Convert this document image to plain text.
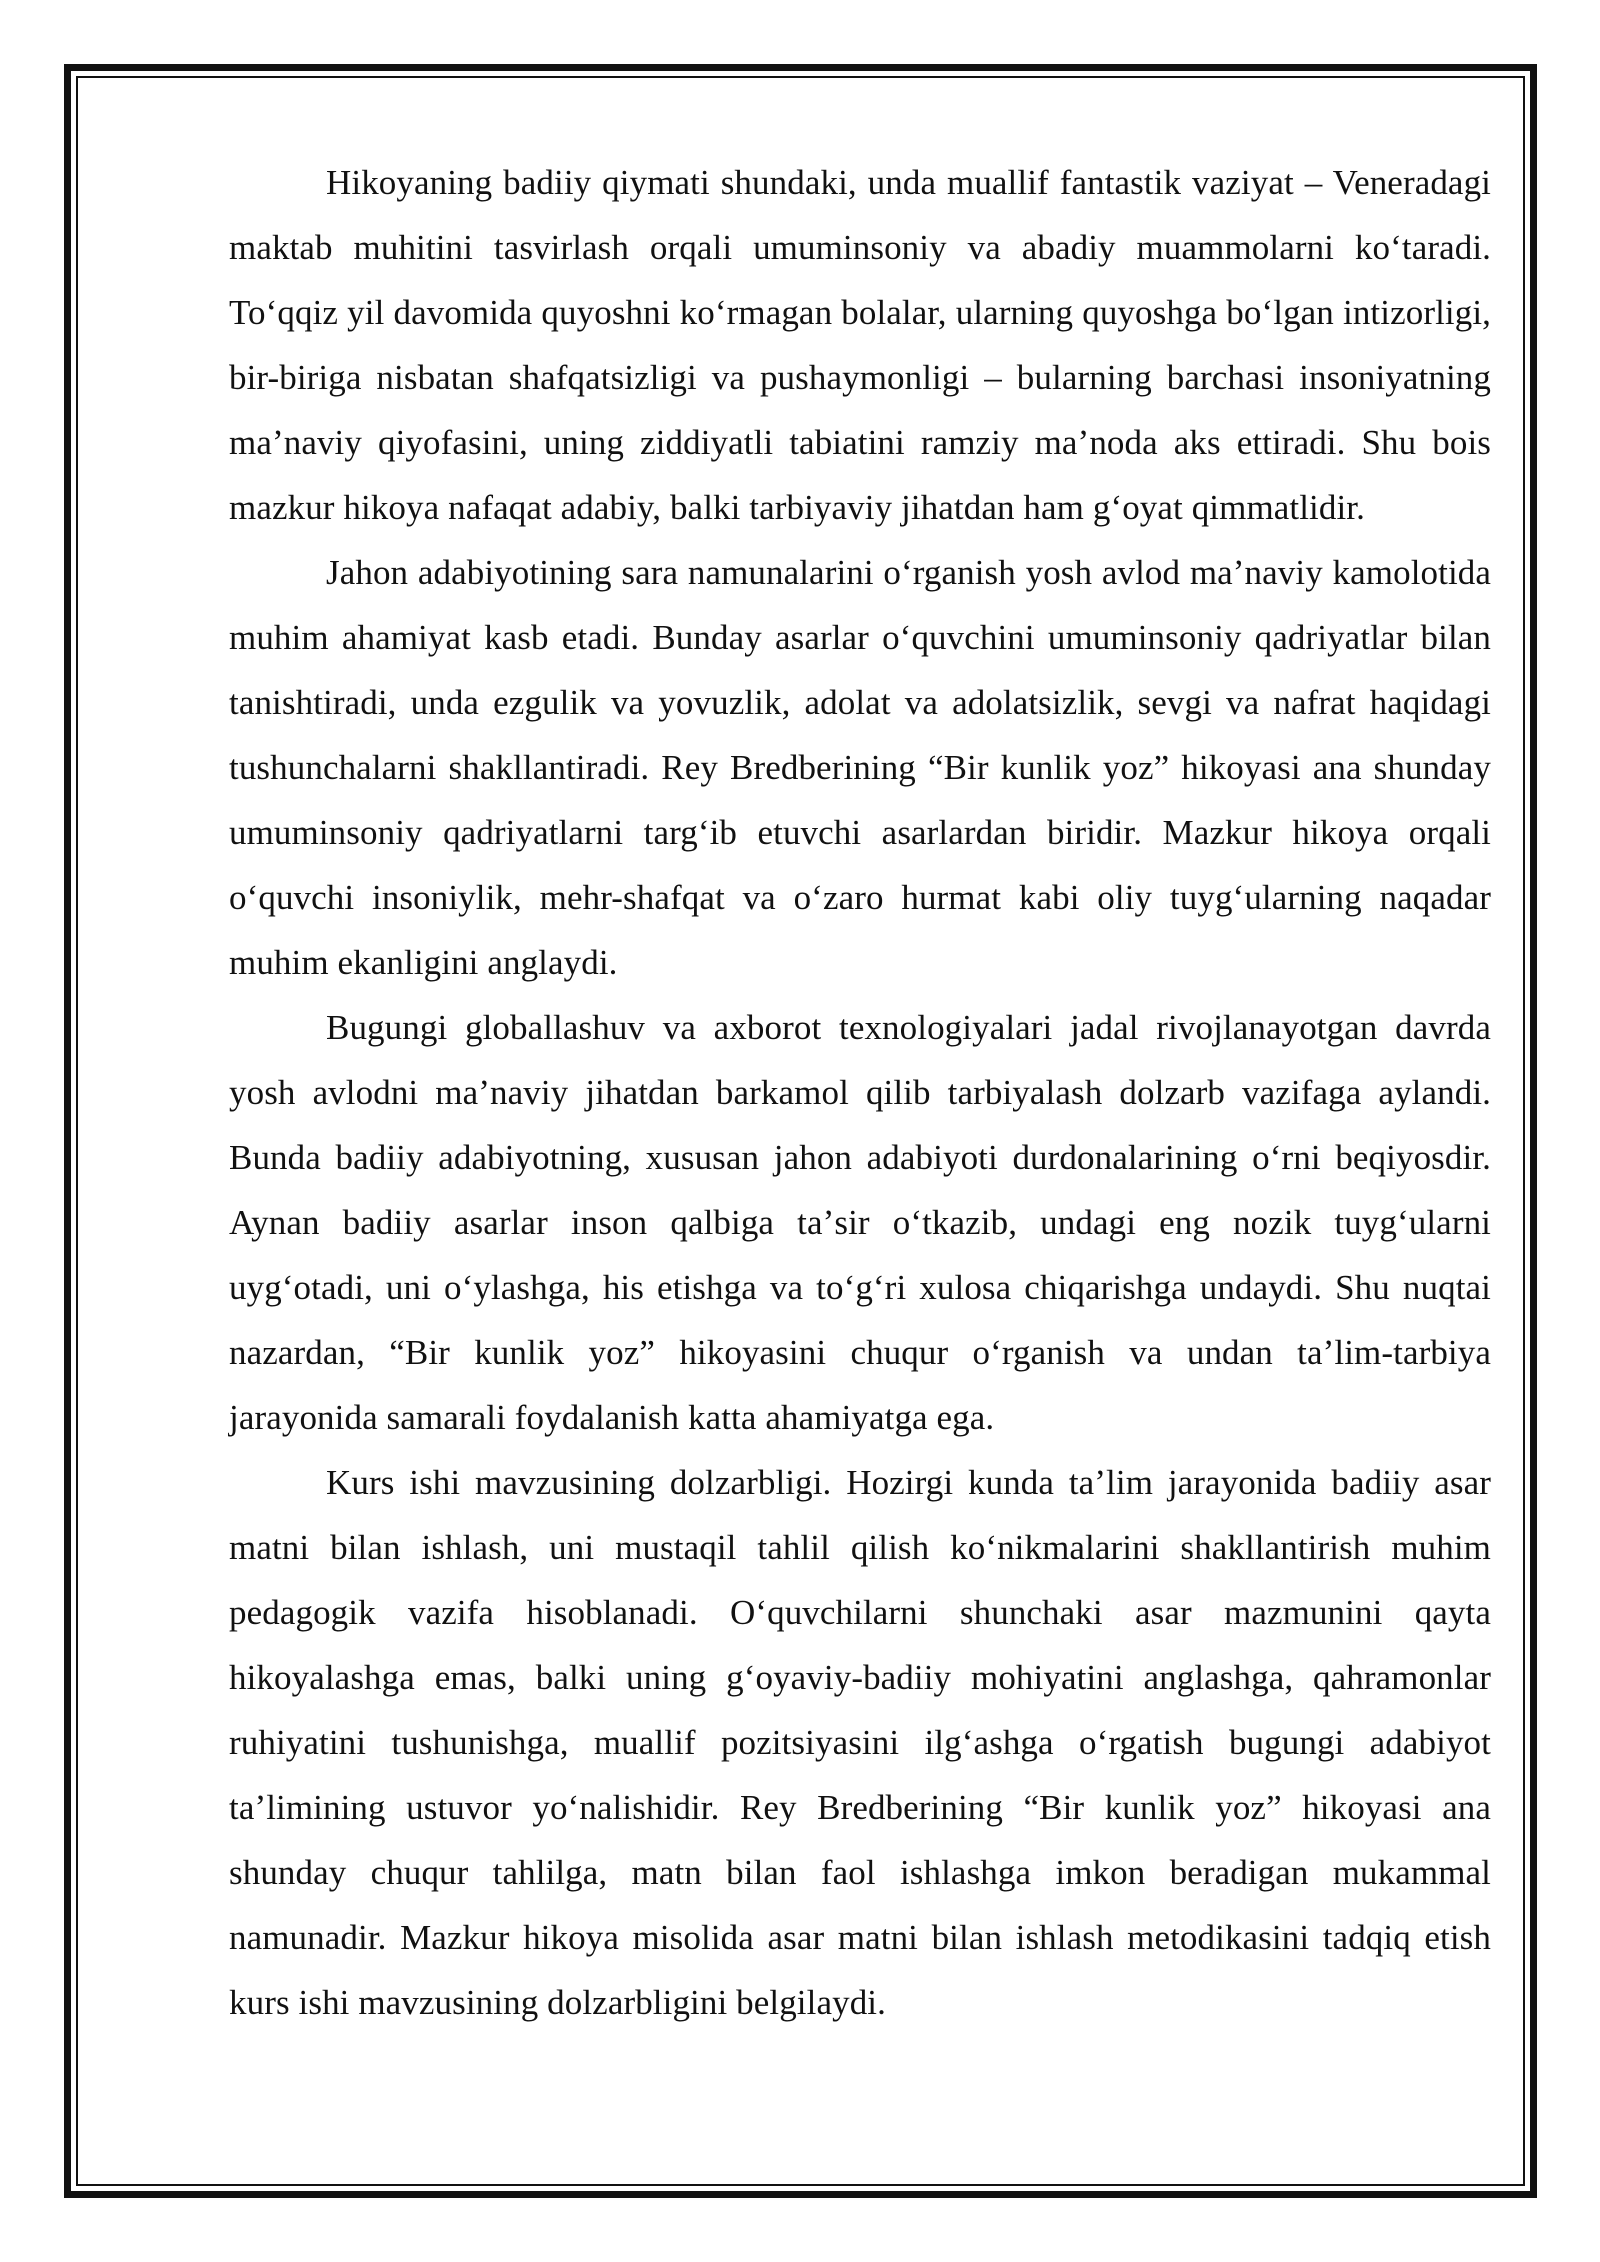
Hikoyaning badiiy qiymati shundaki, unda muallif fantastik vaziyat – Veneradagi maktab muhitini tasvirlash orqali umuminsoniy va abadiy muammolarni koʻtaradi. Toʻqqiz yil davomida quyoshni koʻrmagan bolalar, ularning quyoshga boʻlgan intizorligi, bir-biriga nisbatan shafqatsizligi va pushaymonligi – bularning barchasi insoniyatning maʼnaviy qiyofasini, uning ziddiyatli tabiatini ramziy maʼnoda aks ettiradi. Shu bois mazkur hikoya nafaqat adabiy, balki tarbiyaviy jihatdan ham gʻoyat qimmatlidir.

Jahon adabiyotining sara namunalarini oʻrganish yosh avlod maʼnaviy kamolotida muhim ahamiyat kasb etadi. Bunday asarlar oʻquvchini umuminsoniy qadriyatlar bilan tanishtiradi, unda ezgulik va yovuzlik, adolat va adolatsizlik, sevgi va nafrat haqidagi tushunchalarni shakllantiradi. Rey Bredberining “Bir kunlik yoz” hikoyasi ana shunday umuminsoniy qadriyatlarni targʻib etuvchi asarlardan biridir. Mazkur hikoya orqali oʻquvchi insoniylik, mehr-shafqat va oʻzaro hurmat kabi oliy tuygʻularning naqadar muhim ekanligini anglaydi.

Bugungi globallashuv va axborot texnologiyalari jadal rivojlanayotgan davrda yosh avlodni maʼnaviy jihatdan barkamol qilib tarbiyalash dolzarb vazifaga aylandi. Bunda badiiy adabiyotning, xususan jahon adabiyoti durdonalarining oʻrni beqiyosdir. Aynan badiiy asarlar inson qalbiga taʼsir oʻtkazib, undagi eng nozik tuygʻularni uygʻotadi, uni oʻylashga, his etishga va toʻgʻri xulosa chiqarishga undaydi. Shu nuqtai nazardan, “Bir kunlik yoz” hikoyasini chuqur oʻrganish va undan taʼlim-tarbiya jarayonida samarali foydalanish katta ahamiyatga ega.

Kurs ishi mavzusining dolzarbligi. Hozirgi kunda taʼlim jarayonida badiiy asar matni bilan ishlash, uni mustaqil tahlil qilish koʻnikmalarini shakllantirish muhim pedagogik vazifa hisoblanadi. Oʻquvchilarni shunchaki asar mazmunini qayta hikoyalashga emas, balki uning gʻoyaviy-badiiy mohiyatini anglashga, qahramonlar ruhiyatini tushunishga, muallif pozitsiyasini ilgʻashga oʻrgatish bugungi adabiyot taʼlimining ustuvor yoʻnalishidir. Rey Bredberining “Bir kunlik yoz” hikoyasi ana shunday chuqur tahlilga, matn bilan faol ishlashga imkon beradigan mukammal namunadir. Mazkur hikoya misolida asar matni bilan ishlash metodikasini tadqiq etish kurs ishi mavzusining dolzarbligini belgilaydi.
